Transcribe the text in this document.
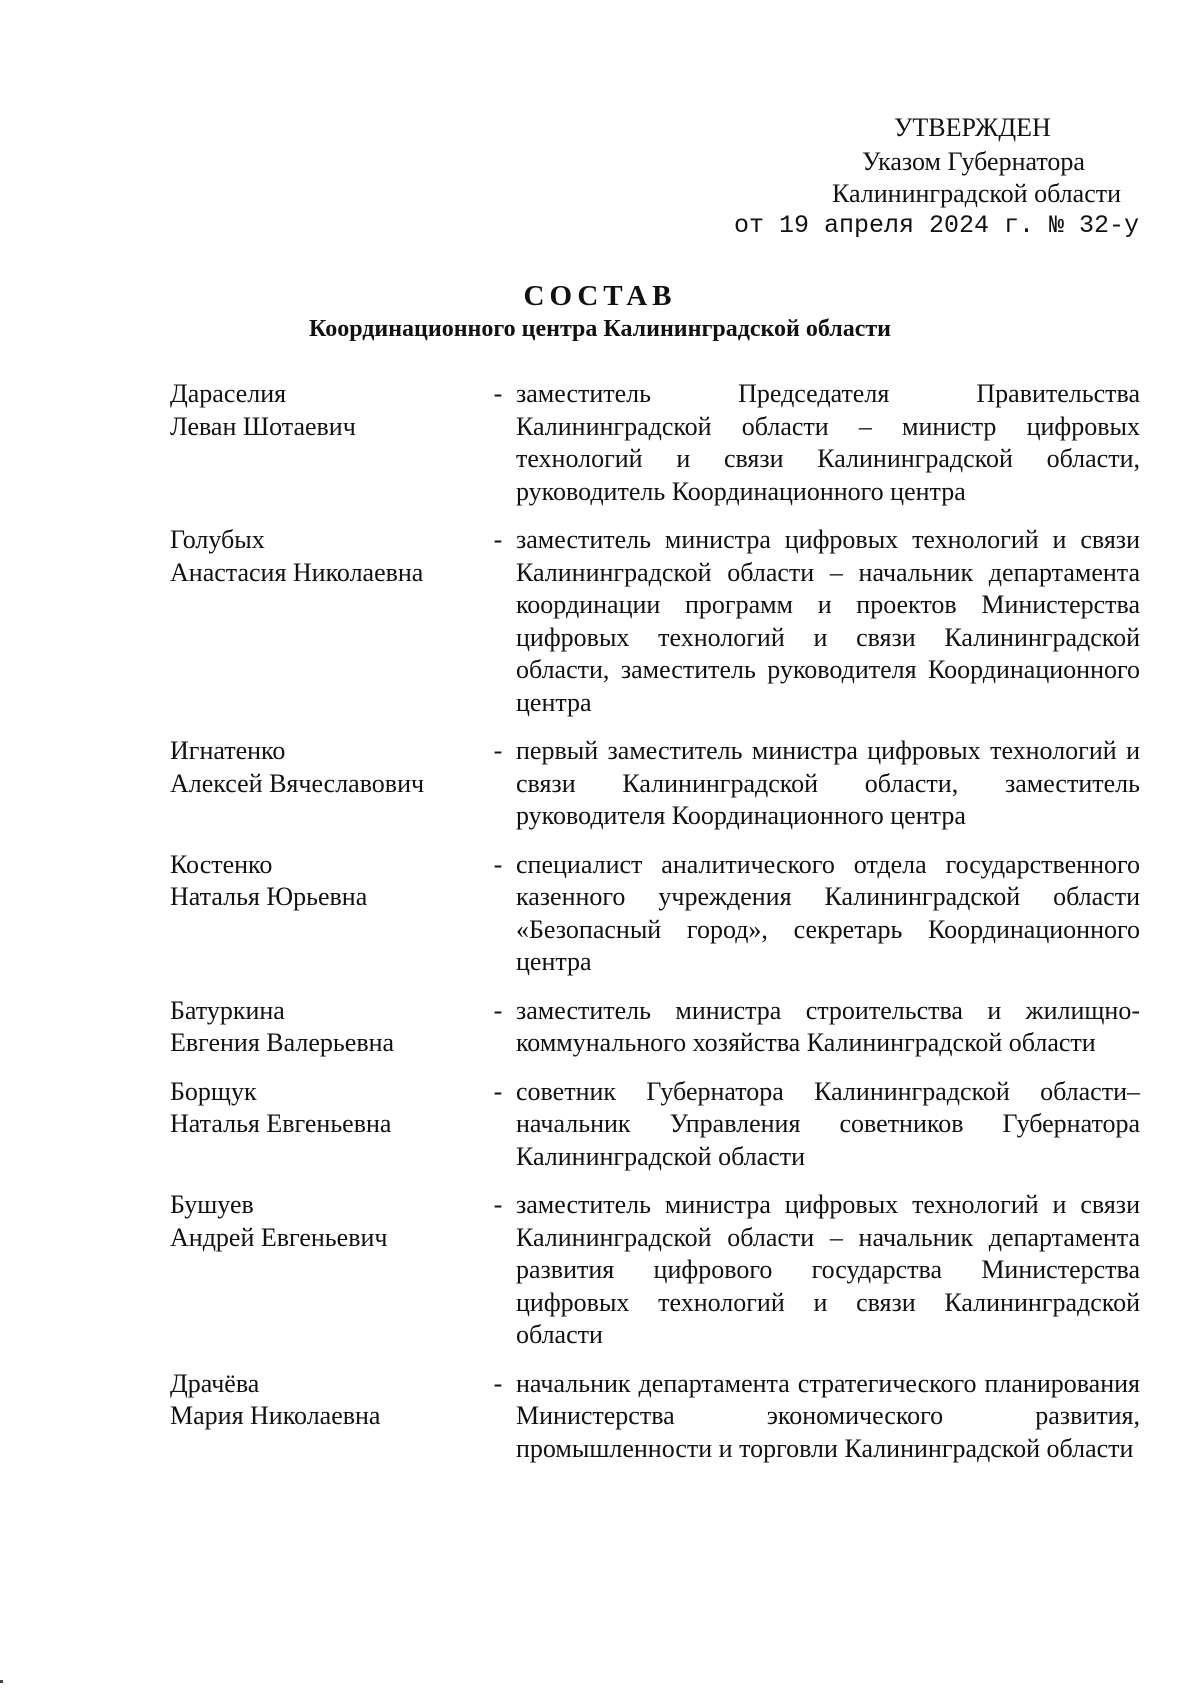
УТВЕРЖДЕН
Указом Губернатора
Калининградской области
от 19 апреля 2024 г. № 32-у
СОСТАВ
Координационного центра Калининградской области
Дараселия
Леван Шотаевич
- заместитель Председателя Правительства Калининградской области – министр цифровых технологий и связи Калининградской области, руководитель Координационного центра
Голубых
Анастасия Николаевна
- заместитель министра цифровых технологий и связи Калининградской области – начальник департамента координации программ и проектов Министерства цифровых технологий и связи Калининградской области, заместитель руководителя Координационного центра
Игнатенко
Алексей Вячеславович
- первый заместитель министра цифровых технологий и связи Калининградской области, заместитель руководителя Координационного центра
Костенко
Наталья Юрьевна
- специалист аналитического отдела государственного казенного учреждения Калининградской области «Безопасный город», секретарь Координационного центра
Батуркина
Евгения Валерьевна
- заместитель министра строительства и жилищно-коммунального хозяйства Калининградской области
Борщук
Наталья Евгеньевна
- советник Губернатора Калининградской области– начальник Управления советников Губернатора Калининградской области
Бушуев
Андрей Евгеньевич
- заместитель министра цифровых технологий и связи Калининградской области – начальник департамента развития цифрового государства Министерства цифровых технологий и связи Калининградской области
Драчёва
Мария Николаевна
- начальник департамента стратегического планирования Министерства экономического развития, промышленности и торговли Калининградской области
